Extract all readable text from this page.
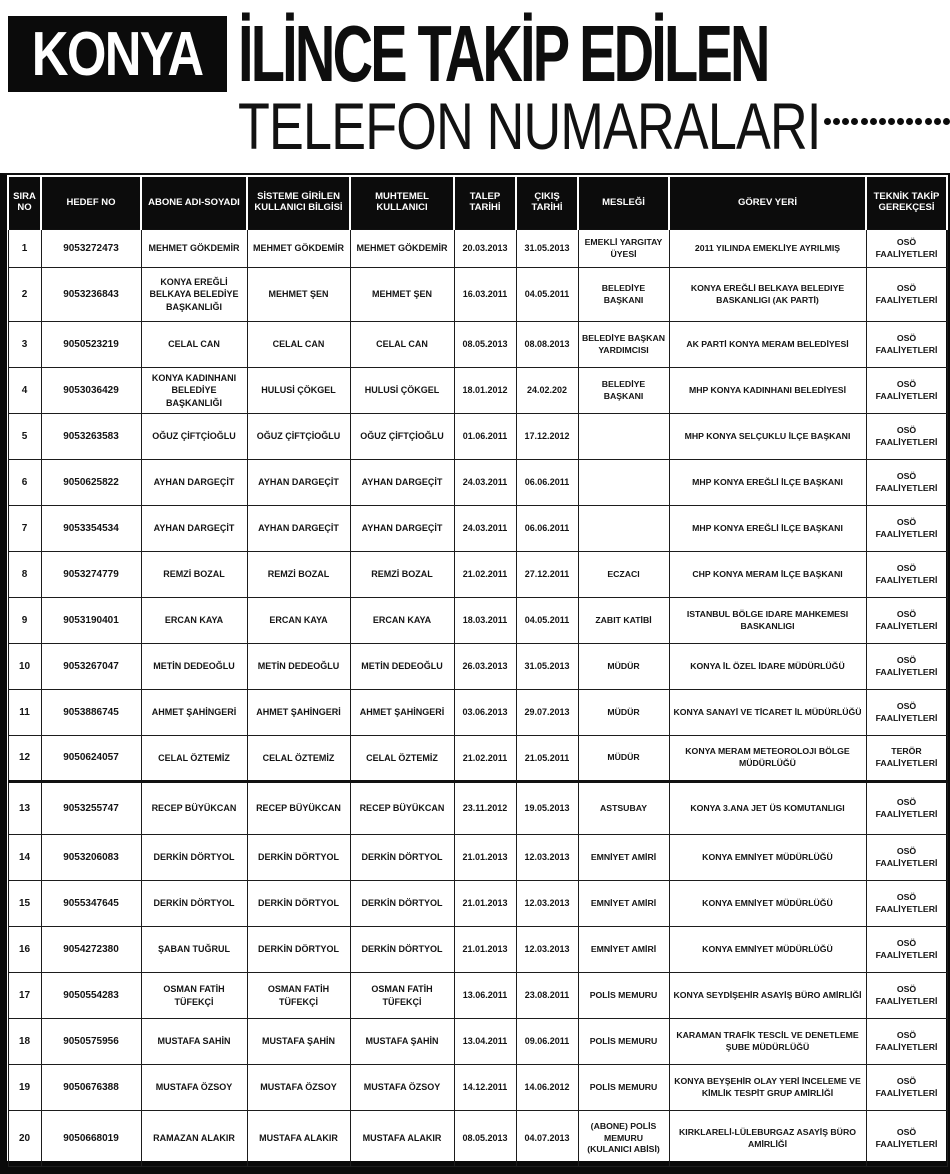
KONYA İLİNCE TAKİP EDİLEN
TELEFON NUMARALARI
SIRA NO	HEDEF NO	ABONE ADI-SOYADI	SİSTEME GİRİLEN KULLANICI BİLGİSİ	MUHTEMEL KULLANICI	TALEP TARİHİ	ÇIKIŞ TARİHİ	MESLEĞİ	GÖREV YERİ	TEKNİK TAKİP GEREKÇESİ
1	9053272473	MEHMET GÖKDEMİR	MEHMET GÖKDEMİR	MEHMET GÖKDEMİR	20.03.2013	31.05.2013	EMEKLİ YARGITAY ÜYESİ	2011 YILINDA EMEKLİYE AYRILMIŞ	OSÖ FAALİYETLERİ
2	9053236843	KONYA EREĞLİ BELKAYA BELEDİYE BAŞKANLIĞI	MEHMET ŞEN	MEHMET ŞEN	16.03.2011	04.05.2011	BELEDİYE BAŞKANI	KONYA EREĞLİ BELKAYA BELEDIYE BASKANLIGI (AK PARTİ)	OSÖ FAALİYETLERİ
3	9050523219	CELAL CAN	CELAL CAN	CELAL CAN	08.05.2013	08.08.2013	BELEDİYE BAŞKAN YARDIMCISI	AK PARTİ KONYA MERAM BELEDİYESİ	OSÖ FAALİYETLERİ
4	9053036429	KONYA KADINHANI BELEDİYE BAŞKANLIĞI	HULUSİ ÇÖKGEL	HULUSİ ÇÖKGEL	18.01.2012	24.02.202	BELEDİYE BAŞKANI	MHP KONYA KADINHANI BELEDİYESİ	OSÖ FAALİYETLERİ
5	9053263583	OĞUZ ÇİFTÇİOĞLU	OĞUZ ÇİFTÇİOĞLU	OĞUZ ÇİFTÇİOĞLU	01.06.2011	17.12.2012		MHP KONYA SELÇUKLU İLÇE BAŞKANI	OSÖ FAALİYETLERİ
6	9050625822	AYHAN DARGEÇİT	AYHAN DARGEÇİT	AYHAN DARGEÇİT	24.03.2011	06.06.2011		MHP KONYA EREĞLİ İLÇE BAŞKANI	OSÖ FAALİYETLERİ
7	9053354534	AYHAN DARGEÇİT	AYHAN DARGEÇİT	AYHAN DARGEÇİT	24.03.2011	06.06.2011		MHP KONYA EREĞLİ İLÇE BAŞKANI	OSÖ FAALİYETLERİ
8	9053274779	REMZİ BOZAL	REMZİ BOZAL	REMZİ BOZAL	21.02.2011	27.12.2011	ECZACI	CHP KONYA MERAM İLÇE BAŞKANI	OSÖ FAALİYETLERİ
9	9053190401	ERCAN KAYA	ERCAN KAYA	ERCAN KAYA	18.03.2011	04.05.2011	ZABIT KATİBİ	ISTANBUL BÖLGE IDARE MAHKEMESI BASKANLIGI	OSÖ FAALİYETLERİ
10	9053267047	METİN DEDEOĞLU	METİN DEDEOĞLU	METİN DEDEOĞLU	26.03.2013	31.05.2013	MÜDÜR	KONYA İL ÖZEL İDARE MÜDÜRLÜĞÜ	OSÖ FAALİYETLERİ
11	9053886745	AHMET ŞAHİNGERİ	AHMET ŞAHİNGERİ	AHMET ŞAHİNGERİ	03.06.2013	29.07.2013	MÜDÜR	KONYA SANAYİ VE TİCARET İL MÜDÜRLÜĞÜ	OSÖ FAALİYETLERİ
12	9050624057	CELAL ÖZTEMİZ	CELAL ÖZTEMİZ	CELAL ÖZTEMİZ	21.02.2011	21.05.2011	MÜDÜR	KONYA MERAM METEOROLOJI BÖLGE MÜDÜRLÜĞÜ	TERÖR FAALİYETLERİ
13	9053255747	RECEP BÜYÜKCAN	RECEP BÜYÜKCAN	RECEP BÜYÜKCAN	23.11.2012	19.05.2013	ASTSUBAY	KONYA 3.ANA JET ÜS KOMUTANLIGI	OSÖ FAALİYETLERİ
14	9053206083	DERKİN DÖRTYOL	DERKİN DÖRTYOL	DERKİN DÖRTYOL	21.01.2013	12.03.2013	EMNİYET AMİRİ	KONYA EMNİYET MÜDÜRLÜĞÜ	OSÖ FAALİYETLERİ
15	9055347645	DERKİN DÖRTYOL	DERKİN DÖRTYOL	DERKİN DÖRTYOL	21.01.2013	12.03.2013	EMNİYET AMİRİ	KONYA EMNİYET MÜDÜRLÜĞÜ	OSÖ FAALİYETLERİ
16	9054272380	ŞABAN TUĞRUL	DERKİN DÖRTYOL	DERKİN DÖRTYOL	21.01.2013	12.03.2013	EMNİYET AMİRİ	KONYA EMNİYET MÜDÜRLÜĞÜ	OSÖ FAALİYETLERİ
17	9050554283	OSMAN FATİH TÜFEKÇİ	OSMAN FATİH TÜFEKÇİ	OSMAN FATİH TÜFEKÇİ	13.06.2011	23.08.2011	POLİS MEMURU	KONYA SEYDİŞEHİR ASAYİŞ BÜRO AMİRLİĞİ	OSÖ FAALİYETLERİ
18	9050575956	MUSTAFA SAHİN	MUSTAFA ŞAHİN	MUSTAFA ŞAHİN	13.04.2011	09.06.2011	POLİS MEMURU	KARAMAN TRAFİK TESCİL VE DENETLEME ŞUBE MÜDÜRLÜĞÜ	OSÖ FAALİYETLERİ
19	9050676388	MUSTAFA ÖZSOY	MUSTAFA ÖZSOY	MUSTAFA ÖZSOY	14.12.2011	14.06.2012	POLİS MEMURU	KONYA BEYŞEHİR OLAY YERİ İNCELEME VE KİMLİK TESPİT GRUP AMİRLİĞİ	OSÖ FAALİYETLERİ
20	9050668019	RAMAZAN ALAKIR	MUSTAFA ALAKIR	MUSTAFA ALAKIR	08.05.2013	04.07.2013	(ABONE) POLİS MEMURU (KULANICI ABİSİ)	KIRKLARELİ-LÜLEBURGAZ ASAYİŞ BÜRO AMİRLİĞİ	OSÖ FAALİYETLERİ
